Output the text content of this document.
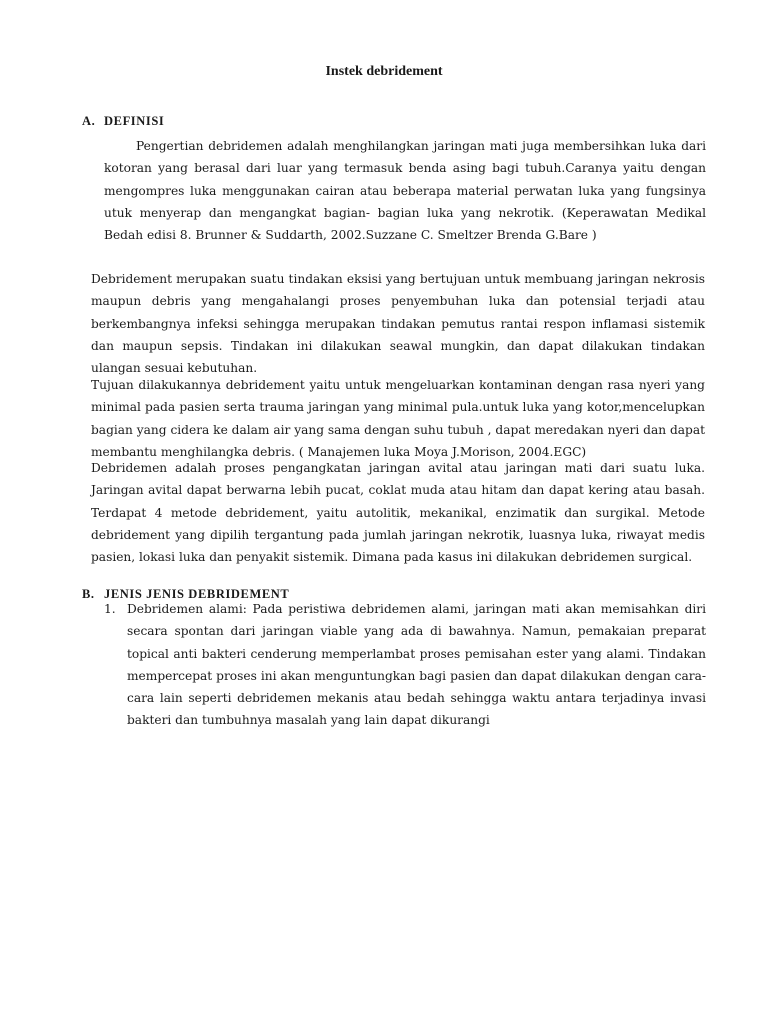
Instek debridement
A. DEFINISI

Pengertian debridemen adalah menghilangkan jaringan mati juga membersihkan luka dari kotoran yang berasal dari luar yang termasuk benda asing bagi tubuh.Caranya yaitu dengan mengompres luka menggunakan cairan atau beberapa material perwatan luka yang fungsinya utuk menyerap dan mengangkat bagian- bagian luka yang nekrotik. (Keperawatan Medikal Bedah edisi 8. Brunner & Suddarth, 2002.Suzzane C. Smeltzer Brenda G.Bare )

Debridement merupakan suatu tindakan eksisi yang bertujuan untuk membuang jaringan nekrosis maupun debris yang mengahalangi proses penyembuhan luka dan potensial terjadi atau berkembangnya infeksi sehingga merupakan tindakan pemutus rantai respon inflamasi sistemik dan maupun sepsis. Tindakan ini dilakukan seawal mungkin, dan dapat dilakukan tindakan ulangan sesuai kebutuhan.

Tujuan dilakukannya debridement yaitu untuk mengeluarkan kontaminan dengan rasa nyeri yang minimal pada pasien serta trauma jaringan yang minimal pula.untuk luka yang kotor,mencelupkan bagian yang cidera ke dalam air yang sama dengan suhu tubuh , dapat meredakan nyeri dan dapat membantu menghilangka debris. ( Manajemen luka Moya J.Morison, 2004.EGC)

Debridemen adalah proses pengangkatan jaringan avital atau jaringan mati dari suatu luka. Jaringan avital dapat berwarna lebih pucat, coklat muda atau hitam dan dapat kering atau basah. Terdapat 4 metode debridement, yaitu autolitik, mekanikal, enzimatik dan surgikal. Metode debridement yang dipilih tergantung pada jumlah jaringan nekrotik, luasnya luka, riwayat medis pasien, lokasi luka dan penyakit sistemik. Dimana pada kasus ini dilakukan debridemen surgical.

B. JENIS JENIS DEBRIDEMENT
1. Debridemen alami: Pada peristiwa debridemen alami, jaringan mati akan memisahkan diri secara spontan dari jaringan viable yang ada di bawahnya. Namun, pemakaian preparat topical anti bakteri cenderung memperlambat proses pemisahan ester yang alami. Tindakan mempercepat proses ini akan menguntungkan bagi pasien dan dapat dilakukan dengan cara-cara lain seperti debridemen mekanis atau bedah sehingga waktu antara terjadinya invasi bakteri dan tumbuhnya masalah yang lain dapat dikurangi
